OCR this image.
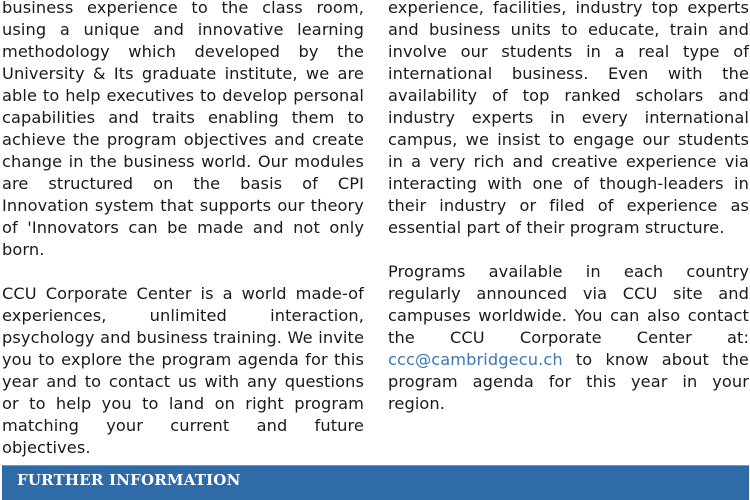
business experience to the class room, using a unique and innovative learning methodology which developed by the University & Its graduate institute, we are able to help executives to develop personal capabilities and traits enabling them to achieve the program objectives and create change in the business world. Our modules are structured on the basis of CPI Innovation system that supports our theory of 'Innovators can be made and not only born.

CCU Corporate Center is a world made-of experiences, unlimited interaction, psychology and business training. We invite you to explore the program agenda for this year and to contact us with any questions or to help you to land on right program matching your current and future objectives.

experience, facilities, industry top experts and business units to educate, train and involve our students in a real type of international business. Even with the availability of top ranked scholars and industry experts in every international campus, we insist to engage our students in a very rich and creative experience via interacting with one of though-leaders in their industry or filed of experience as essential part of their program structure.

Programs available in each country regularly announced via CCU site and campuses worldwide. You can also contact the CCU Corporate Center at: ccc@cambridgecu.ch to know about the program agenda for this year in your region.

FURTHER INFORMATION
